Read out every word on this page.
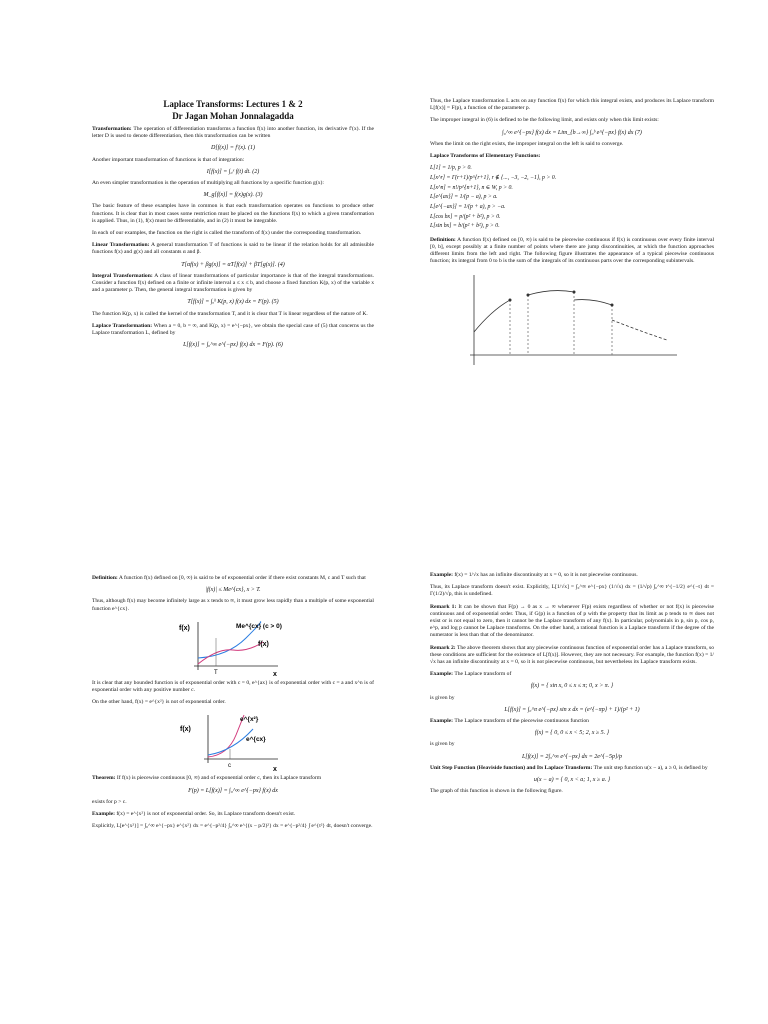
Laplace Transforms: Lectures 1 & 2
Dr Jagan Mohan Jonnalagadda

Transformation: The operation of differentiation transforms a function f(x) into another function, its derivative f'(x). If the letter D is used to denote differentiation, then this transformation can be written

D[f(x)] = f'(x). (1)

Another important transformation of functions is that of integration:

I[f(x)] = ∫₀ˣ f(t) dt. (2)

An even simpler transformation is the operation of multiplying all functions by a specific function g(x):

M_g[f(x)] = f(x)g(x). (3)

The basic feature of these examples have in common is that each transformation operates on functions to produce other functions. It is clear that in most cases some restriction must be placed on the functions f(x) to which a given transformation is applied. Thus, in (1), f(x) must be differentiable, and in (2) it must be integrable.

In each of our examples, the function on the right is called the transform of f(x) under the corresponding transformation.

Linear Transformation: A general transformation T of functions is said to be linear if the relation holds for all admissible functions f(x) and g(x) and all constants α and β.

T[αf(x) + βg(x)] = αT[f(x)] + βT[g(x)]. (4)

Integral Transformation: A class of linear transformations of particular importance is that of the integral transformations. Consider a function f(x) defined on a finite or infinite interval a ≤ x ≤ b, and choose a fixed function K(p, x) of the variable x and a parameter p. Then, the general integral transformation is given by

T[f(x)] = ∫ₐᵇ K(p, x) f(x) dx = F(p). (5)

The function K(p, x) is called the kernel of the transformation T, and it is clear that T is linear regardless of the nature of K.

Laplace Transformation: When a = 0, b = ∞, and K(p, x) = e^{−px}, we obtain the special case of (5) that concerns us the Laplace transformation L, defined by

L[f(x)] = ∫₀^∞ e^{−px} f(x) dx = F(p). (6)

Thus, the Laplace transformation L acts on any function f(x) for which this integral exists, and produces its Laplace transform L[f(x)] = F(p), a function of the parameter p.

The improper integral in (6) is defined to be the following limit, and exists only when this limit exists:

∫₀^∞ e^{−px} f(x) dx = Lim_{b→∞} ∫₀ᵇ e^{−px} f(x) dx (7)

When the limit on the right exists, the improper integral on the left is said to converge.

Laplace Transforms of Elementary Functions:

L[1] = 1/p, p > 0.
L[x^r] = Γ(r+1)/p^{r+1}, r ∉ {..., −3, −2, −1}, p > 0.
L[x^n] = n!/p^{n+1}, n ∈ W, p > 0.
L[e^{ax}] = 1/(p − a), p > a.
L[e^{−ax}] = 1/(p + a), p > −a.
L[cos bx] = p/(p² + b²), p > 0.
L[sin bx] = b/(p² + b²), p > 0.

Definition: A function f(x) defined on [0, ∞) is said to be piecewise continuous if f(x) is continuous over every finite interval [0, b], except possibly at a finite number of points where there are jump discontinuities, at which the function approaches different limits from the left and right. The following figure illustrates the appearance of a typical piecewise continuous function; its integral from 0 to b is the sum of the integrals of its continuous parts over the corresponding subintervals.

Definition: A function f(x) defined on [0, ∞) is said to be of exponential order if there exist constants M, c and T such that

|f(x)| ≤ Me^{cx}, x > T.

Thus, although f(x) may become infinitely large as x tends to ∞, it must grow less rapidly than a multiple of some exponential function e^{cx}.

f(x)	Me^{cx} (c > 0)
f(x)
T	x

It is clear that any bounded function is of exponential order with c = 0, e^{ax} is of exponential order with c = a and x^n is of exponential order with any positive number c.

On the other hand, f(x) = e^{x²} is not of exponential order.

e^{x²}
f(x)
e^{cx}
c	x

Theorem: If f(x) is piecewise continuous [0, ∞) and of exponential order c, then its Laplace transform

F(p) = L[f(x)] = ∫₀^∞ e^{−px} f(x) dx

exists for p > c.

Example: f(x) = e^{x²} is not of exponential order. So, its Laplace transform doesn't exist.

Explicitly, L[e^{x²}] = ∫₀^∞ e^{−px} e^{x²} dx = e^{−p²/4} ∫₀^∞ e^{(x − p/2)²} dx = e^{−p²/4} ∫ e^{t²} dt, doesn't converge.

Example: f(x) = 1/√x has an infinite discontinuity at x = 0, so it is not piecewise continuous.

Thus, its Laplace transform doesn't exist. Explicitly, L[1/√x] = ∫₀^∞ e^{−px} (1/√x) dx = (1/√p) ∫₀^∞ t^{−1/2} e^{−t} dt = Γ(1/2)/√p, this is undefined.

Remark 1: It can be shown that F(p) → 0 as x → ∞ whenever F(p) exists regardless of whether or not f(x) is piecewise continuous and of exponential order. Thus, if G(p) is a function of p with the property that its limit as p tends to ∞ does not exist or is not equal to zero, then it cannot be the Laplace transform of any f(x). In particular, polynomials in p, sin p, cos p, e^p, and log p cannot be Laplace transforms. On the other hand, a rational function is a Laplace transform if the degree of the numerator is less than that of the denominator.

Remark 2: The above theorem shows that any piecewise continuous function of exponential order has a Laplace transform, so these conditions are sufficient for the existence of L[f(x)]. However, they are not necessary. For example, the function f(x) = 1/√x has an infinite discontinuity at x = 0, so it is not piecewise continuous, but nevertheless its Laplace transform exists.

Example: The Laplace transform of

f(x) = { sin x, 0 ≤ x ≤ π; 0, x > π. }

is given by

L[f(x)] = ∫₀^π e^{−px} sin x dx = (e^{−πp} + 1)/(p² + 1)

Example: The Laplace transform of the piecewise continuous function

f(x) = { 0, 0 ≤ x < 5; 2, x ≥ 5. }

is given by

L[f(x)] = 2∫₅^∞ e^{−px} dx = 2e^{−5p}/p

Unit Step Function (Heaviside function) and Its Laplace Transform: The unit step function u(x − a), a ≥ 0, is defined by

u(x − a) = { 0, x < a; 1, x ≥ a. }

The graph of this function is shown in the following figure.
